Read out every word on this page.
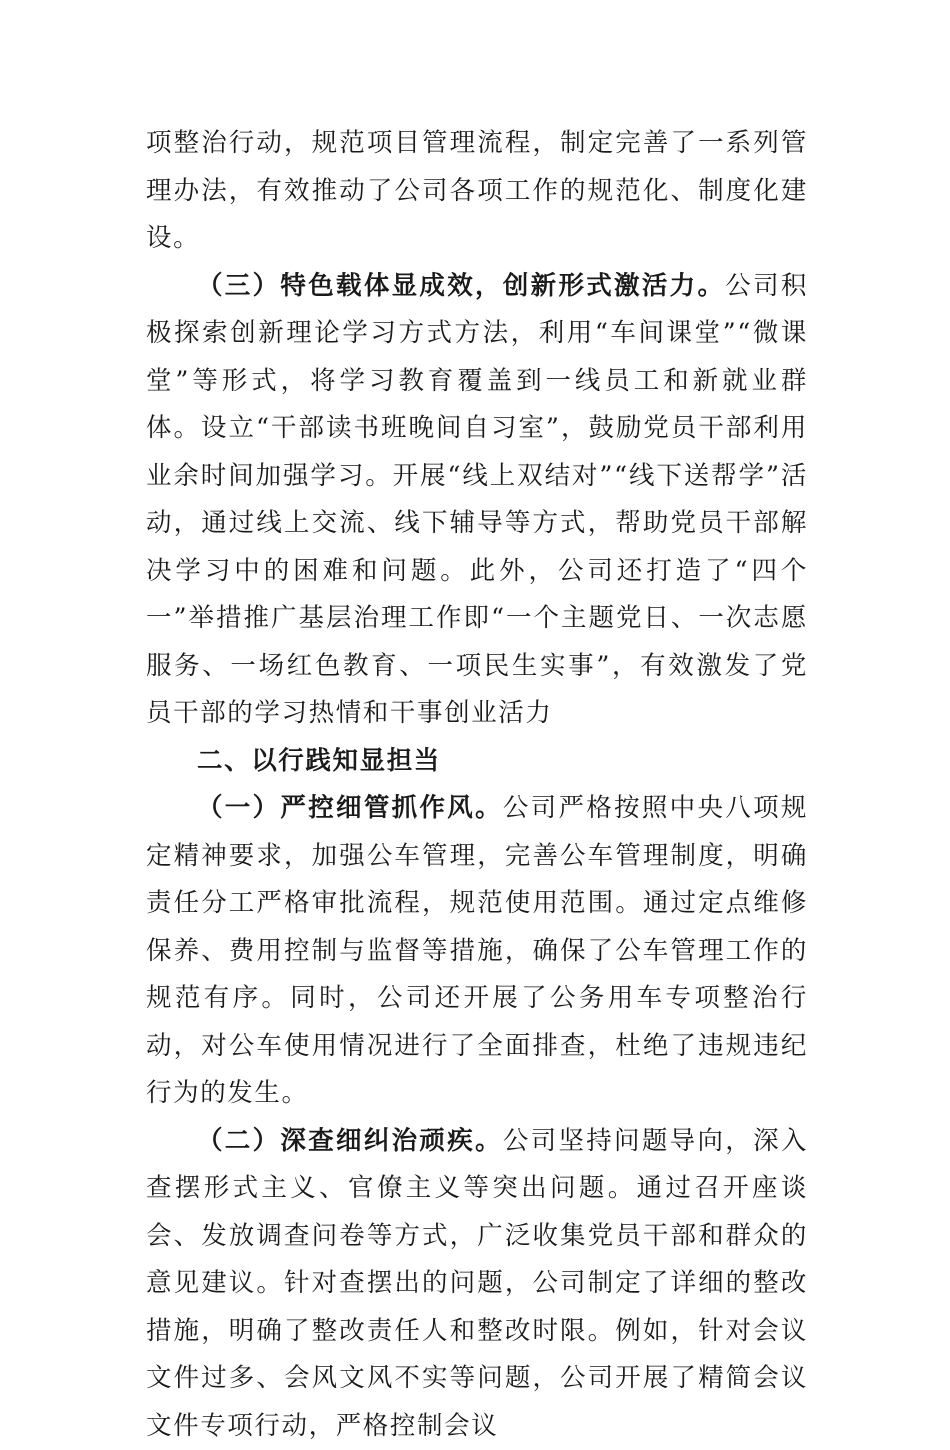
项整治行动，规范项目管理流程，制定完善了一系列管理办法，有效推动了公司各项工作的规范化、制度化建设。

（三）特色载体显成效，创新形式激活力。公司积极探索创新理论学习方式方法，利用“车间课堂”“微课堂”等形式，将学习教育覆盖到一线员工和新就业群体。设立“干部读书班晚间自习室”，鼓励党员干部利用业余时间加强学习。开展“线上双结对”“线下送帮学”活动，通过线上交流、线下辅导等方式，帮助党员干部解决学习中的困难和问题。此外，公司还打造了“四个一”举措推广基层治理工作即“一个主题党日、一次志愿服务、一场红色教育、一项民生实事”，有效激发了党员干部的学习热情和干事创业活力

二、以行践知显担当

（一）严控细管抓作风。公司严格按照中央八项规定精神要求，加强公车管理，完善公车管理制度，明确责任分工严格审批流程，规范使用范围。通过定点维修保养、费用控制与监督等措施，确保了公车管理工作的规范有序。同时，公司还开展了公务用车专项整治行动，对公车使用情况进行了全面排查，杜绝了违规违纪行为的发生。

（二）深查细纠治顽疾。公司坚持问题导向，深入查摆形式主义、官僚主义等突出问题。通过召开座谈会、发放调查问卷等方式，广泛收集党员干部和群众的意见建议。针对查摆出的问题，公司制定了详细的整改措施，明确了整改责任人和整改时限。例如，针对会议文件过多、会风文风不实等问题，公司开展了精简会议文件专项行动，严格控制会议
